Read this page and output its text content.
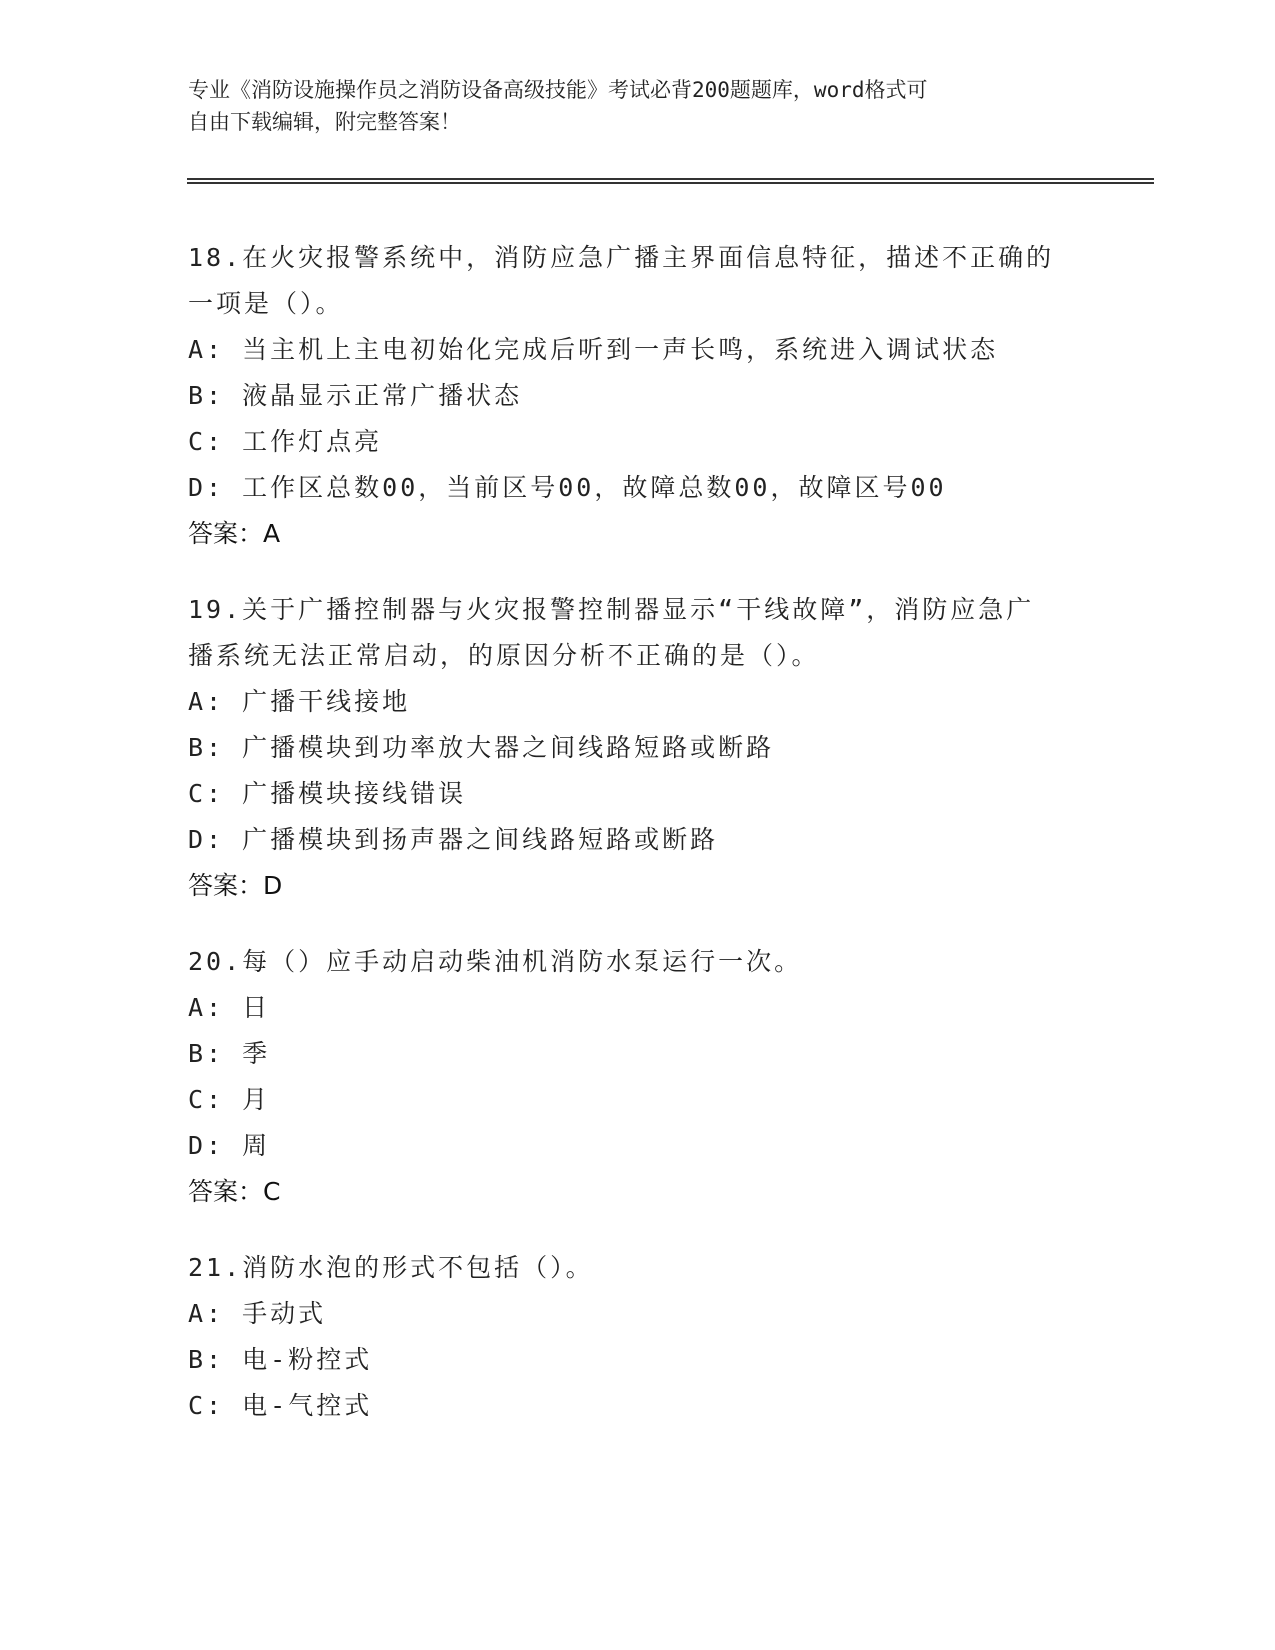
专业《消防设施操作员之消防设备高级技能》考试必背200题题库，word格式可
自由下载编辑，附完整答案！

18.在火灾报警系统中，消防应急广播主界面信息特征，描述不正确的

一项是（）。

A: 当主机上主电初始化完成后听到一声长鸣，系统进入调试状态

B: 液晶显示正常广播状态

C: 工作灯点亮

D: 工作区总数00，当前区号00，故障总数00，故障区号00

答案：A

19.关于广播控制器与火灾报警控制器显示“干线故障”，消防应急广

播系统无法正常启动，的原因分析不正确的是（）。

A: 广播干线接地

B: 广播模块到功率放大器之间线路短路或断路

C: 广播模块接线错误

D: 广播模块到扬声器之间线路短路或断路

答案：D

20.每（）应手动启动柴油机消防水泵运行一次。

A: 日

B: 季

C: 月

D: 周

答案：C

21.消防水泡的形式不包括（）。

A: 手动式

B: 电-粉控式

C: 电-气控式
